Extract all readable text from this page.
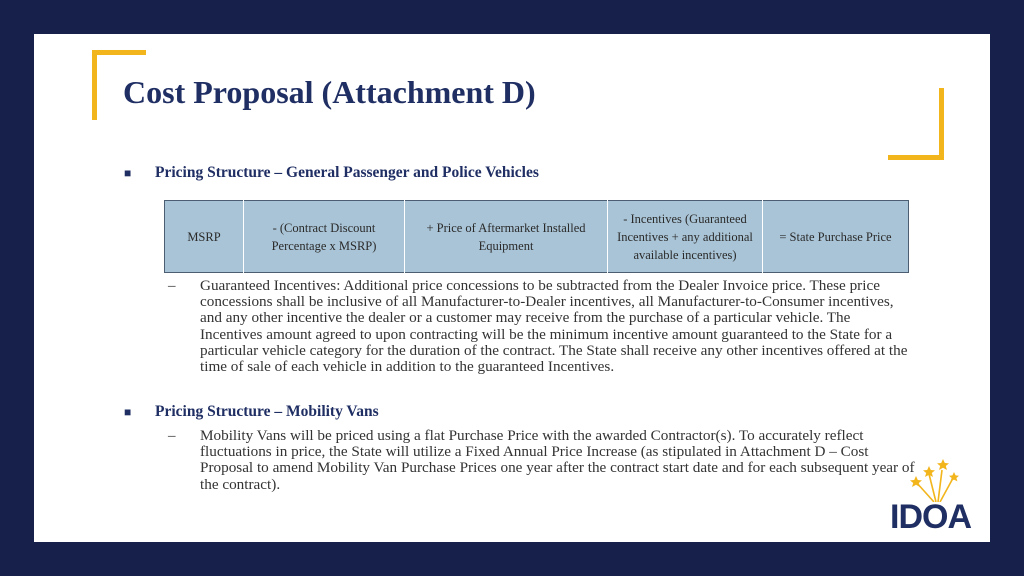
Cost Proposal (Attachment D)
■	Pricing Structure – General Passenger and Police Vehicles
MSRP	- (Contract Discount Percentage x MSRP)	+ Price of Aftermarket Installed Equipment	- Incentives (Guaranteed Incentives + any additional available incentives)	= State Purchase Price
–	Guaranteed Incentives: Additional price concessions to be subtracted from the Dealer Invoice price. These price concessions shall be inclusive of all Manufacturer-to-Dealer incentives, all Manufacturer-to-Consumer incentives, and any other incentive the dealer or a customer may receive from the purchase of a particular vehicle. The Incentives amount agreed to upon contracting will be the minimum incentive amount guaranteed to the State for a particular vehicle category for the duration of the contract. The State shall receive any other incentives offered at the time of sale of each vehicle in addition to the guaranteed Incentives.
■	Pricing Structure – Mobility Vans
–	Mobility Vans will be priced using a flat Purchase Price with the awarded Contractor(s). To accurately reflect fluctuations in price, the State will utilize a Fixed Annual Price Increase (as stipulated in Attachment D – Cost Proposal to amend Mobility Van Purchase Prices one year after the contract start date and for each subsequent year of the contract).
IDOA
